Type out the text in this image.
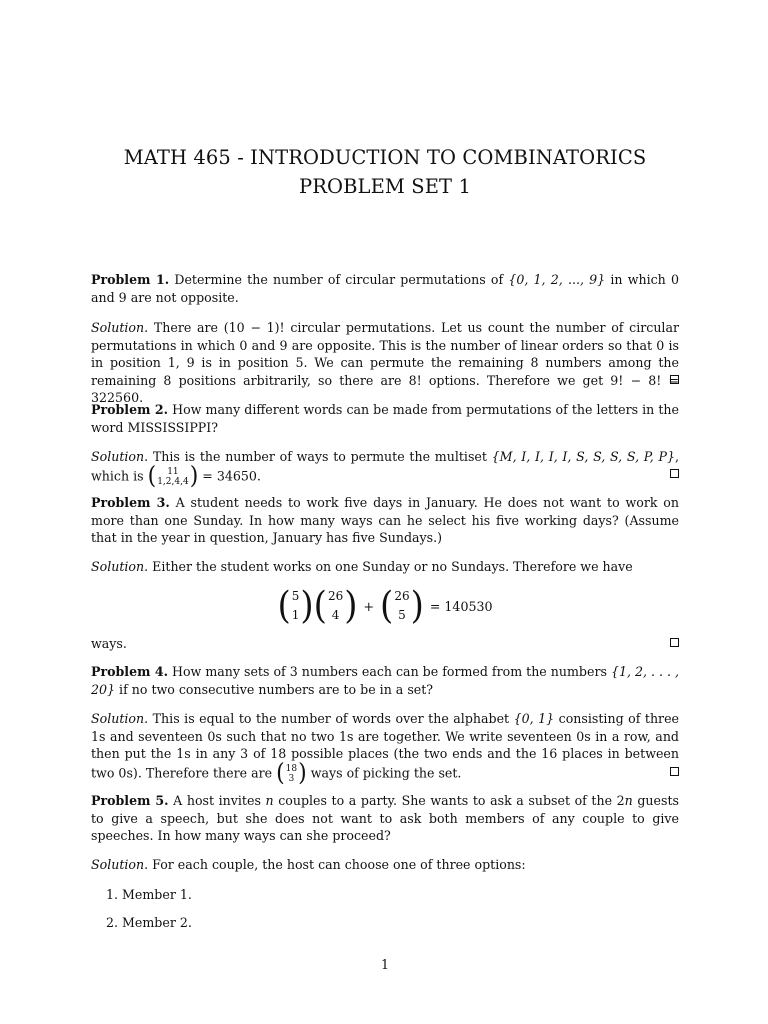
MATH 465 - INTRODUCTION TO COMBINATORICS
PROBLEM SET 1
Problem 1. Determine the number of circular permutations of {0, 1, 2, ..., 9} in which 0 and 9 are not opposite.
Solution. There are (10 − 1)! circular permutations. Let us count the number of circular permutations in which 0 and 9 are opposite. This is the number of linear orders so that 0 is in position 1, 9 is in position 5. We can permute the remaining 8 numbers among the remaining 8 positions arbitrarily, so there are 8! options. Therefore we get 9! − 8! = 322560.
Problem 2. How many different words can be made from permutations of the letters in the word MISSISSIPPI?
Solution. This is the number of ways to permute the multiset {M, I, I, I, I, S, S, S, S, P, P}, which is ( 11
1,2,4,4 ) = 34650.
Problem 3. A student needs to work five days in January. He does not want to work on more than one Sunday. In how many ways can he select his five working days? (Assume that in the year in question, January has five Sundays.)
Solution. Either the student works on one Sunday or no Sundays. Therefore we have
( 5
1 ) ( 26
4 ) + ( 26
5 ) = 140530
ways.
Problem 4. How many sets of 3 numbers each can be formed from the numbers {1, 2, . . . , 20} if no two consecutive numbers are to be in a set?
Solution. This is equal to the number of words over the alphabet {0, 1} consisting of three 1s and seventeen 0s such that no two 1s are together. We write seventeen 0s in a row, and then put the 1s in any 3 of 18 possible places (the two ends and the 16 places in between two 0s). Therefore there are ( 18
3 ) ways of picking the set.
Problem 5. A host invites n couples to a party. She wants to ask a subset of the 2n guests to give a speech, but she does not want to ask both members of any couple to give speeches. In how many ways can she proceed?
Solution. For each couple, the host can choose one of three options:
1. Member 1.
2. Member 2.
1
